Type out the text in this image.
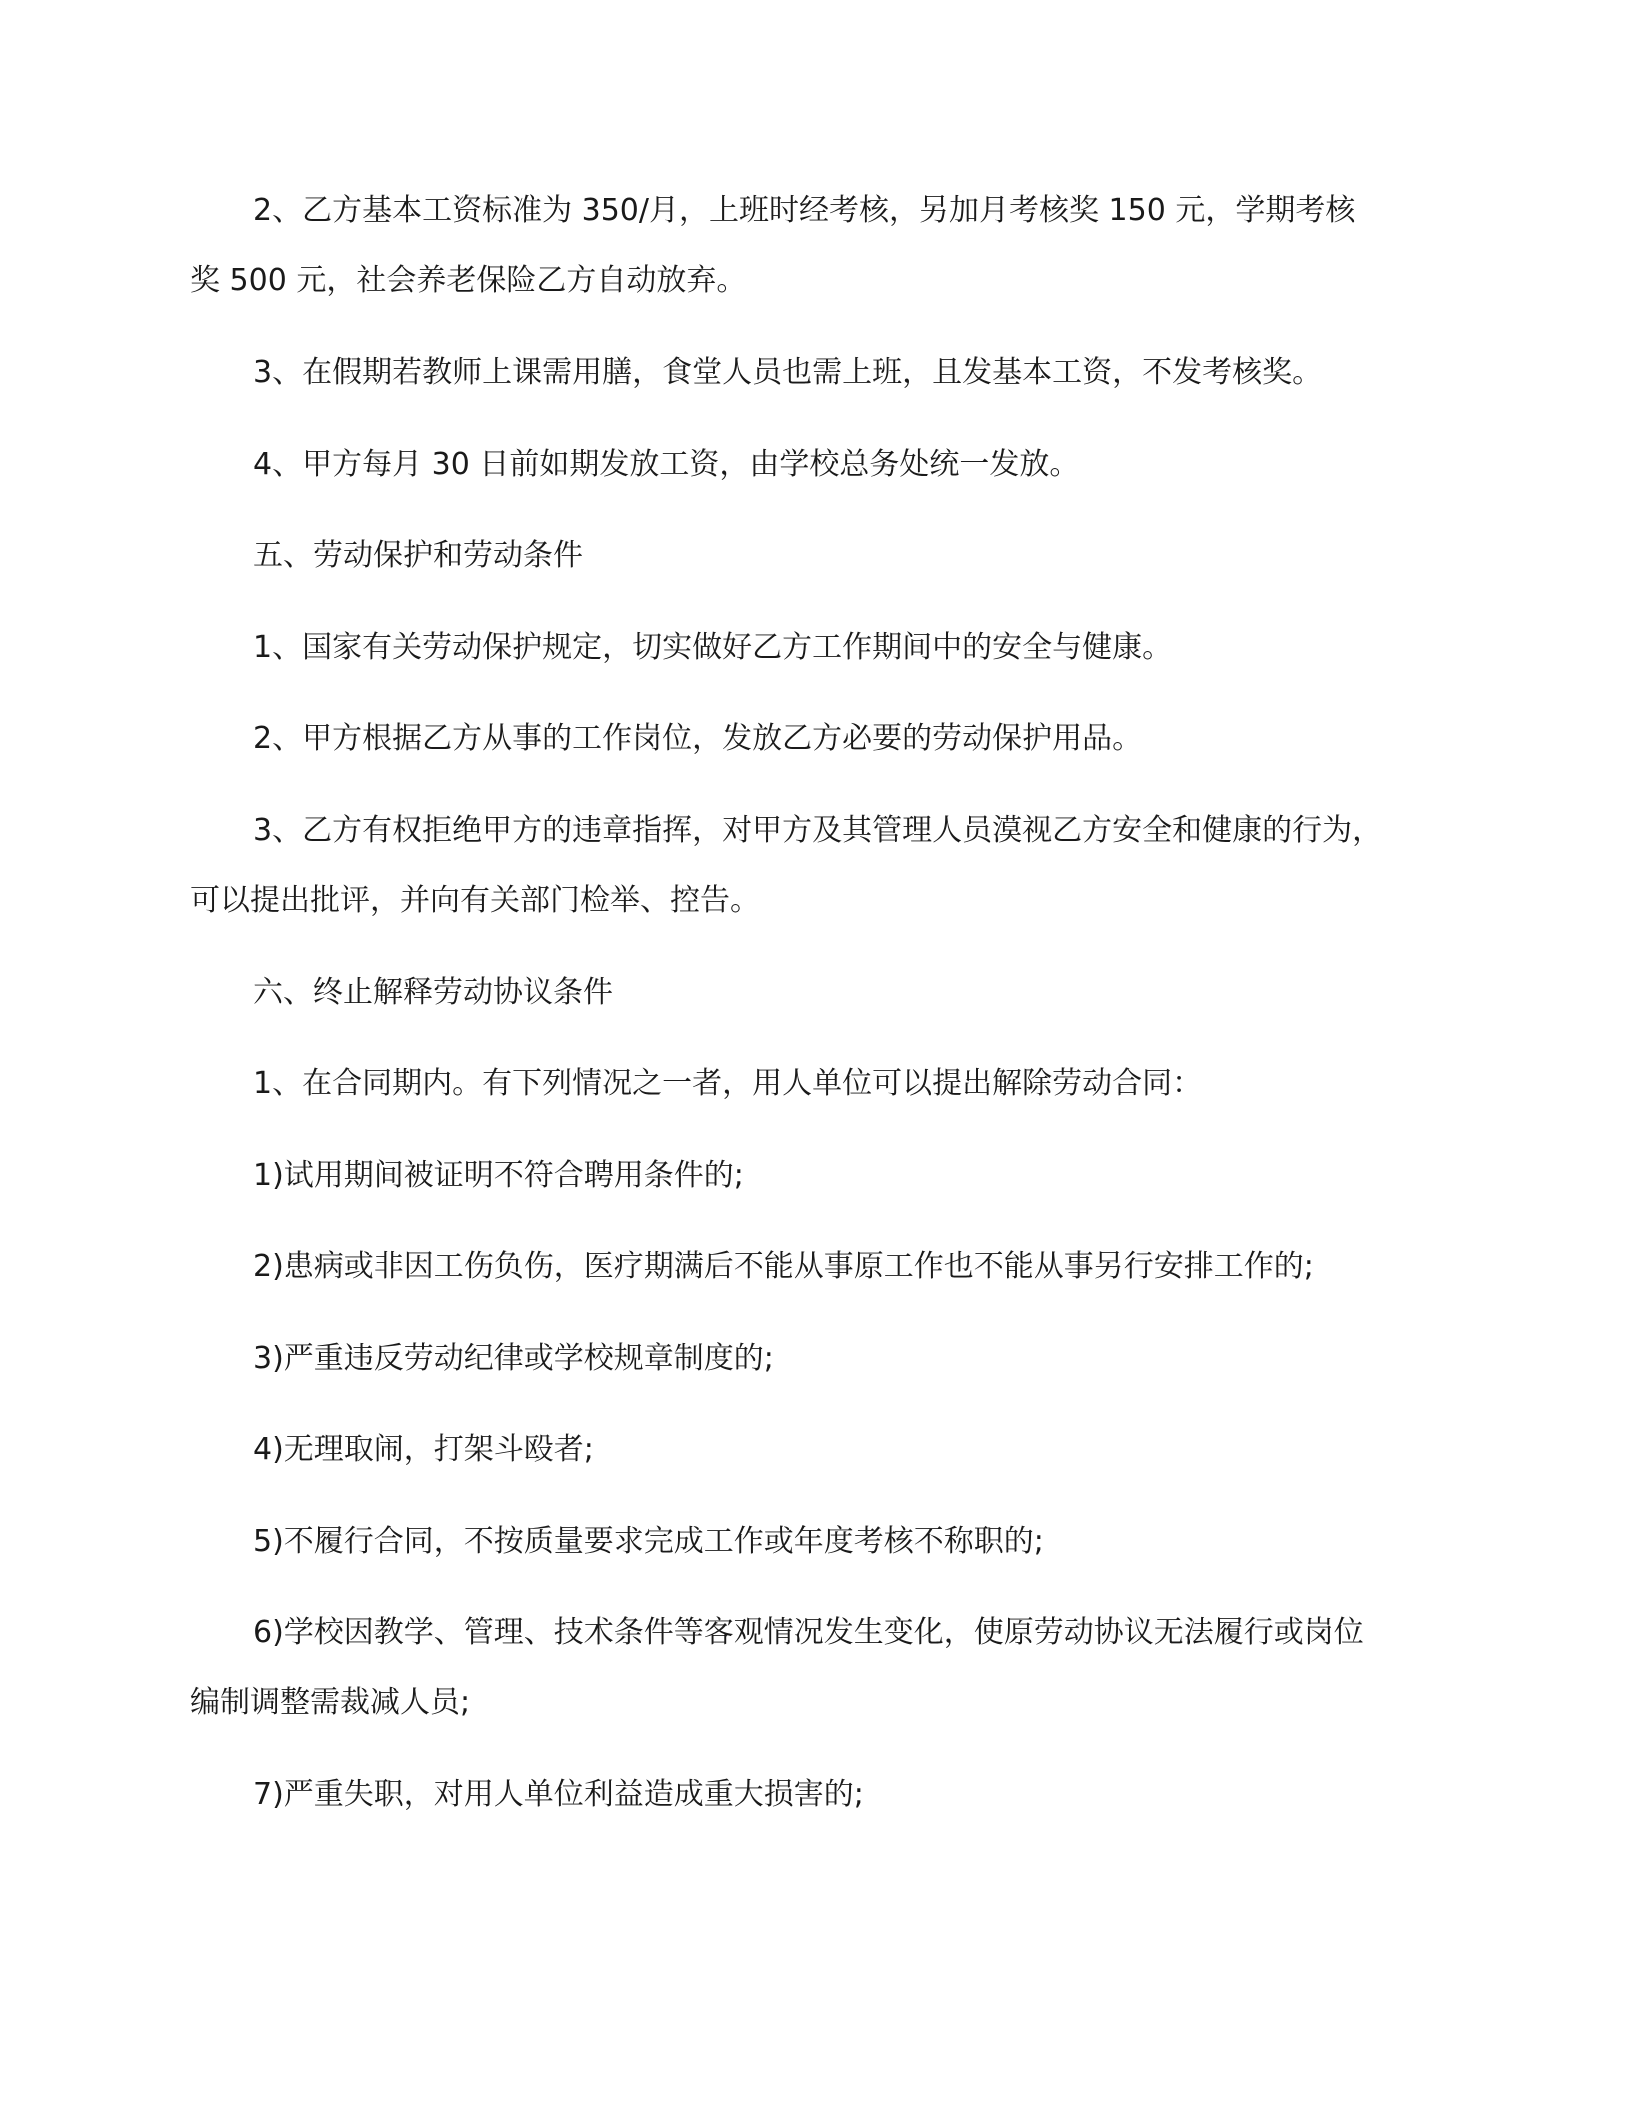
2、乙方基本工资标准为 350/月，上班时经考核，另加月考核奖 150 元，学期考核

奖 500 元，社会养老保险乙方自动放弃。

3、在假期若教师上课需用膳，食堂人员也需上班，且发基本工资，不发考核奖。

4、甲方每月 30 日前如期发放工资，由学校总务处统一发放。

五、劳动保护和劳动条件

1、国家有关劳动保护规定，切实做好乙方工作期间中的安全与健康。

2、甲方根据乙方从事的工作岗位，发放乙方必要的劳动保护用品。

3、乙方有权拒绝甲方的违章指挥，对甲方及其管理人员漠视乙方安全和健康的行为，

可以提出批评，并向有关部门检举、控告。

六、终止解释劳动协议条件

1、在合同期内。有下列情况之一者，用人单位可以提出解除劳动合同：

1)试用期间被证明不符合聘用条件的;

2)患病或非因工伤负伤，医疗期满后不能从事原工作也不能从事另行安排工作的;

3)严重违反劳动纪律或学校规章制度的;

4)无理取闹，打架斗殴者;

5)不履行合同，不按质量要求完成工作或年度考核不称职的;

6)学校因教学、管理、技术条件等客观情况发生变化，使原劳动协议无法履行或岗位

编制调整需裁减人员;

7)严重失职，对用人单位利益造成重大损害的;
